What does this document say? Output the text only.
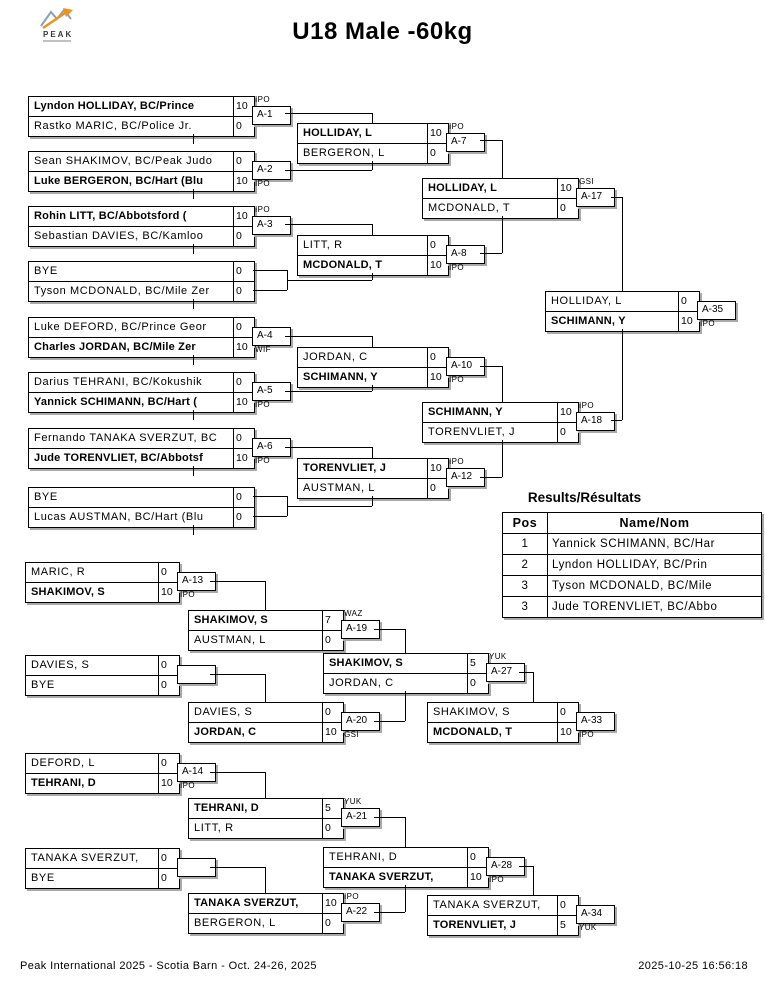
PEAK	U18 Male -60kg
Lyndon HOLLIDAY, BC/Prince	10
Rastko MARIC, BC/Police Jr.	0
A-1
IPO
Sean SHAKIMOV, BC/Peak Judo	0
Luke BERGERON, BC/Hart (Blu	10
A-2
IPO
Rohin LITT, BC/Abbotsford (	10
Sebastian DAVIES, BC/Kamloo	0
A-3
IPO
BYE	0
Tyson MCDONALD, BC/Mile Zer	0
Luke DEFORD, BC/Prince Geor	0
Charles JORDAN, BC/Mile Zer	10
A-4
WIF
Darius TEHRANI, BC/Kokushik	0
Yannick SCHIMANN, BC/Hart (	10
A-5
IPO
Fernando TANAKA SVERZUT, BC	0
Jude TORENVLIET, BC/Abbotsf	10
A-6
IPO
BYE	0
Lucas AUSTMAN, BC/Hart (Blu	0
HOLLIDAY, L	10
BERGERON, L	0
A-7
IPO
LITT, R	0
MCDONALD, T	10
A-8
IPO
JORDAN, C	0
SCHIMANN, Y	10
A-10
IPO
TORENVLIET, J	10
AUSTMAN, L	0
A-12
IPO
HOLLIDAY, L	10
MCDONALD, T	0
A-17
GSI
SCHIMANN, Y	10
TORENVLIET, J	0
A-18
IPO
HOLLIDAY, L	0
SCHIMANN, Y	10
A-35
IPO
MARIC, R	0
SHAKIMOV, S	10
A-13
IPO
SHAKIMOV, S	7
AUSTMAN, L	0
A-19
WAZ
DAVIES, S	0
BYE	0
DAVIES, S	0
JORDAN, C	10
A-20
GSI
SHAKIMOV, S	5
JORDAN, C	0
A-27
YUK
SHAKIMOV, S	0
MCDONALD, T	10
A-33
IPO
DEFORD, L	0
TEHRANI, D	10
A-14
IPO
TEHRANI, D	5
LITT, R	0
A-21
YUK
TANAKA SVERZUT,	0
BYE	0
TANAKA SVERZUT,	10
BERGERON, L	0
A-22
IPO
TEHRANI, D	0
TANAKA SVERZUT,	10
A-28
IPO
TANAKA SVERZUT,	0
TORENVLIET, J	5
A-34
YUK
Results/Résultats
Pos	Name/Nom
1	Yannick SCHIMANN, BC/Har
2	Lyndon HOLLIDAY, BC/Prin
3	Tyson MCDONALD, BC/Mile
3	Jude TORENVLIET, BC/Abbo
Peak International 2025 - Scotia Barn - Oct. 24-26, 2025	2025-10-25 16:56:18
